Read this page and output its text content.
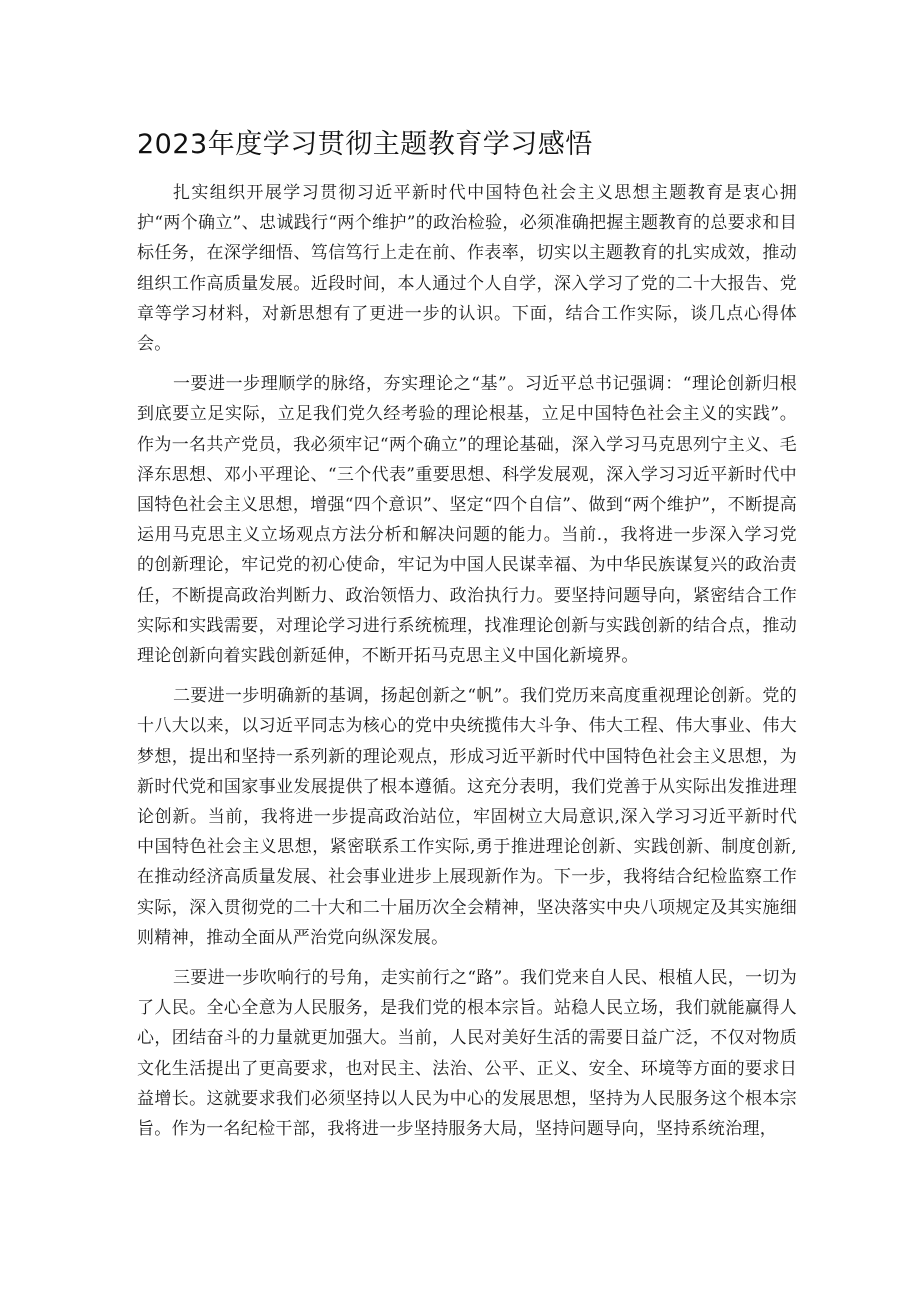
2023年度学习贯彻主题教育学习感悟

扎实组织开展学习贯彻习近平新时代中国特色社会主义思想主题教育是衷心拥护“两个确立”、忠诚践行“两个维护”的政治检验，必须准确把握主题教育的总要求和目标任务，在深学细悟、笃信笃行上走在前、作表率，切实以主题教育的扎实成效，推动组织工作高质量发展。近段时间，本人通过个人自学，深入学习了党的二十大报告、党章等学习材料，对新思想有了更进一步的认识。下面，结合工作实际，谈几点心得体会。

一要进一步理顺学的脉络，夯实理论之“基”。习近平总书记强调：“理论创新归根到底要立足实际，立足我们党久经考验的理论根基，立足中国特色社会主义的实践”。作为一名共产党员，我必须牢记“两个确立”的理论基础，深入学习马克思列宁主义、毛泽东思想、邓小平理论、“三个代表”重要思想、科学发展观，深入学习习近平新时代中国特色社会主义思想，增强“四个意识”、坚定“四个自信”、做到“两个维护”，不断提高运用马克思主义立场观点方法分析和解决问题的能力。当前.，我将进一步深入学习党的创新理论，牢记党的初心使命，牢记为中国人民谋幸福、为中华民族谋复兴的政治责任，不断提高政治判断力、政治领悟力、政治执行力。要坚持问题导向，紧密结合工作实际和实践需要，对理论学习进行系统梳理，找准理论创新与实践创新的结合点，推动理论创新向着实践创新延伸，不断开拓马克思主义中国化新境界。

二要进一步明确新的基调，扬起创新之“帆”。我们党历来高度重视理论创新。党的十八大以来，以习近平同志为核心的党中央统揽伟大斗争、伟大工程、伟大事业、伟大梦想，提出和坚持一系列新的理论观点，形成习近平新时代中国特色社会主义思想，为新时代党和国家事业发展提供了根本遵循。这充分表明，我们党善于从实际出发推进理论创新。当前，我将进一步提高政治站位，牢固树立大局意识,深入学习习近平新时代中国特色社会主义思想，紧密联系工作实际,勇于推进理论创新、实践创新、制度创新,在推动经济高质量发展、社会事业进步上展现新作为。下一步，我将结合纪检监察工作实际，深入贯彻党的二十大和二十届历次全会精神，坚决落实中央八项规定及其实施细则精神，推动全面从严治党向纵深发展。

三要进一步吹响行的号角，走实前行之“路”。我们党来自人民、根植人民，一切为了人民。全心全意为人民服务，是我们党的根本宗旨。站稳人民立场，我们就能赢得人心，团结奋斗的力量就更加强大。当前，人民对美好生活的需要日益广泛，不仅对物质文化生活提出了更高要求，也对民主、法治、公平、正义、安全、环境等方面的要求日益增长。这就要求我们必须坚持以人民为中心的发展思想，坚持为人民服务这个根本宗旨。作为一名纪检干部，我将进一步坚持服务大局，坚持问题导向，坚持系统治理，
